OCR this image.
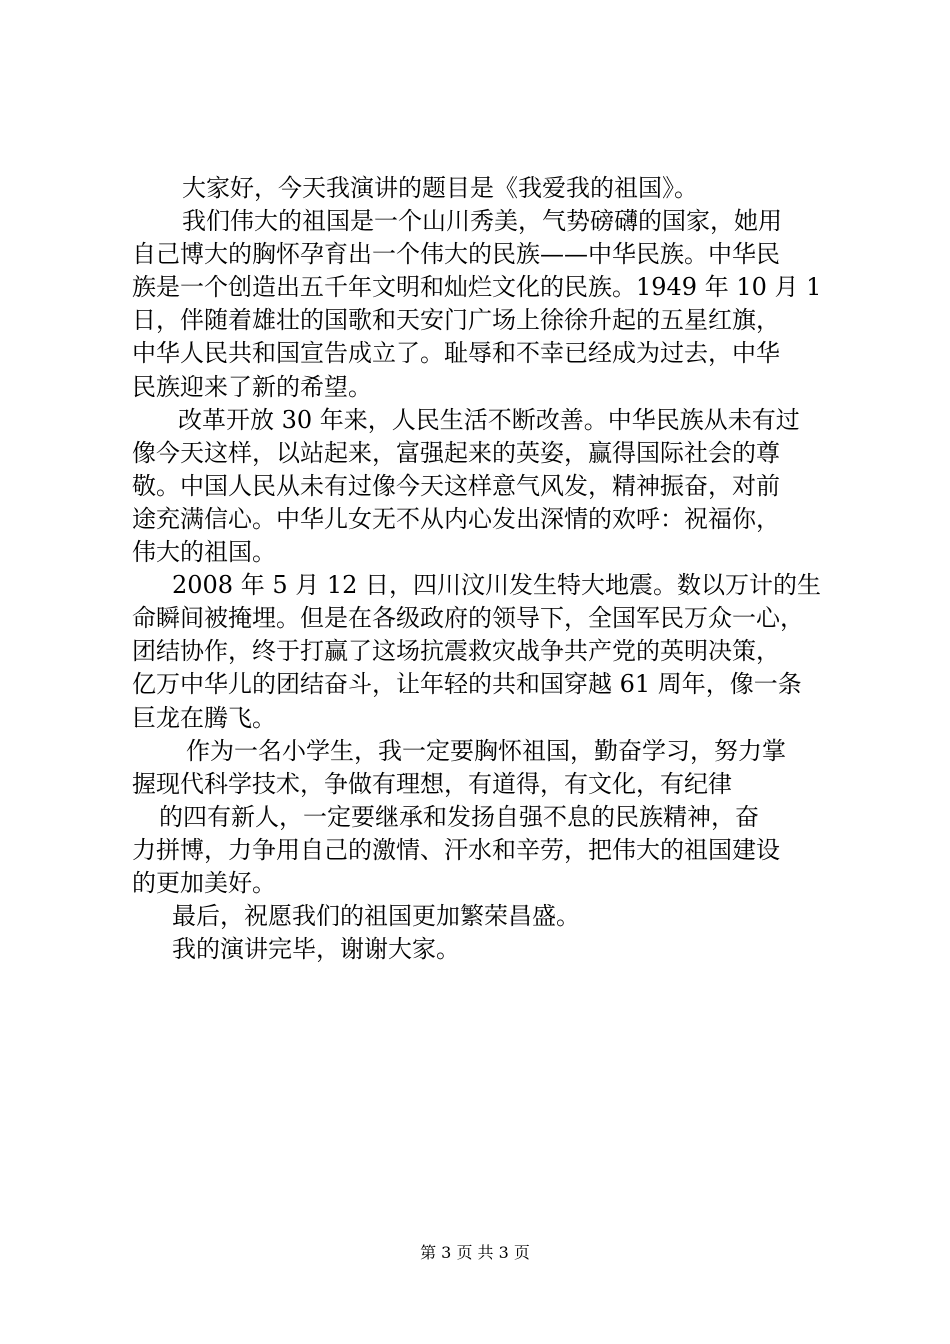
大家好，今天我演讲的题目是《我爱我的祖国》。
我们伟大的祖国是一个山川秀美，气势磅礴的国家，她用
自己博大的胸怀孕育出一个伟大的民族——中华民族。中华民
族是一个创造出五千年文明和灿烂文化的民族。1949 年 10 月 1
日，伴随着雄壮的国歌和天安门广场上徐徐升起的五星红旗，
中华人民共和国宣告成立了。耻辱和不幸已经成为过去，中华
民族迎来了新的希望。
改革开放 30 年来，人民生活不断改善。中华民族从未有过
像今天这样，以站起来，富强起来的英姿，赢得国际社会的尊
敬。中国人民从未有过像今天这样意气风发，精神振奋，对前
途充满信心。中华儿女无不从内心发出深情的欢呼：祝福你，
伟大的祖国。
2008 年 5 月 12 日，四川汶川发生特大地震。数以万计的生
命瞬间被掩埋。但是在各级政府的领导下，全国军民万众一心，
团结协作，终于打赢了这场抗震救灾战争共产党的英明决策，
亿万中华儿的团结奋斗，让年轻的共和国穿越 61 周年，像一条
巨龙在腾飞。
作为一名小学生，我一定要胸怀祖国，勤奋学习，努力掌
握现代科学技术，争做有理想，有道得，有文化，有纪律
的四有新人，一定要继承和发扬自强不息的民族精神，奋
力拼博，力争用自己的激情、汗水和辛劳，把伟大的祖国建设
的更加美好。
最后，祝愿我们的祖国更加繁荣昌盛。
我的演讲完毕，谢谢大家。
第 3 页 共 3 页
